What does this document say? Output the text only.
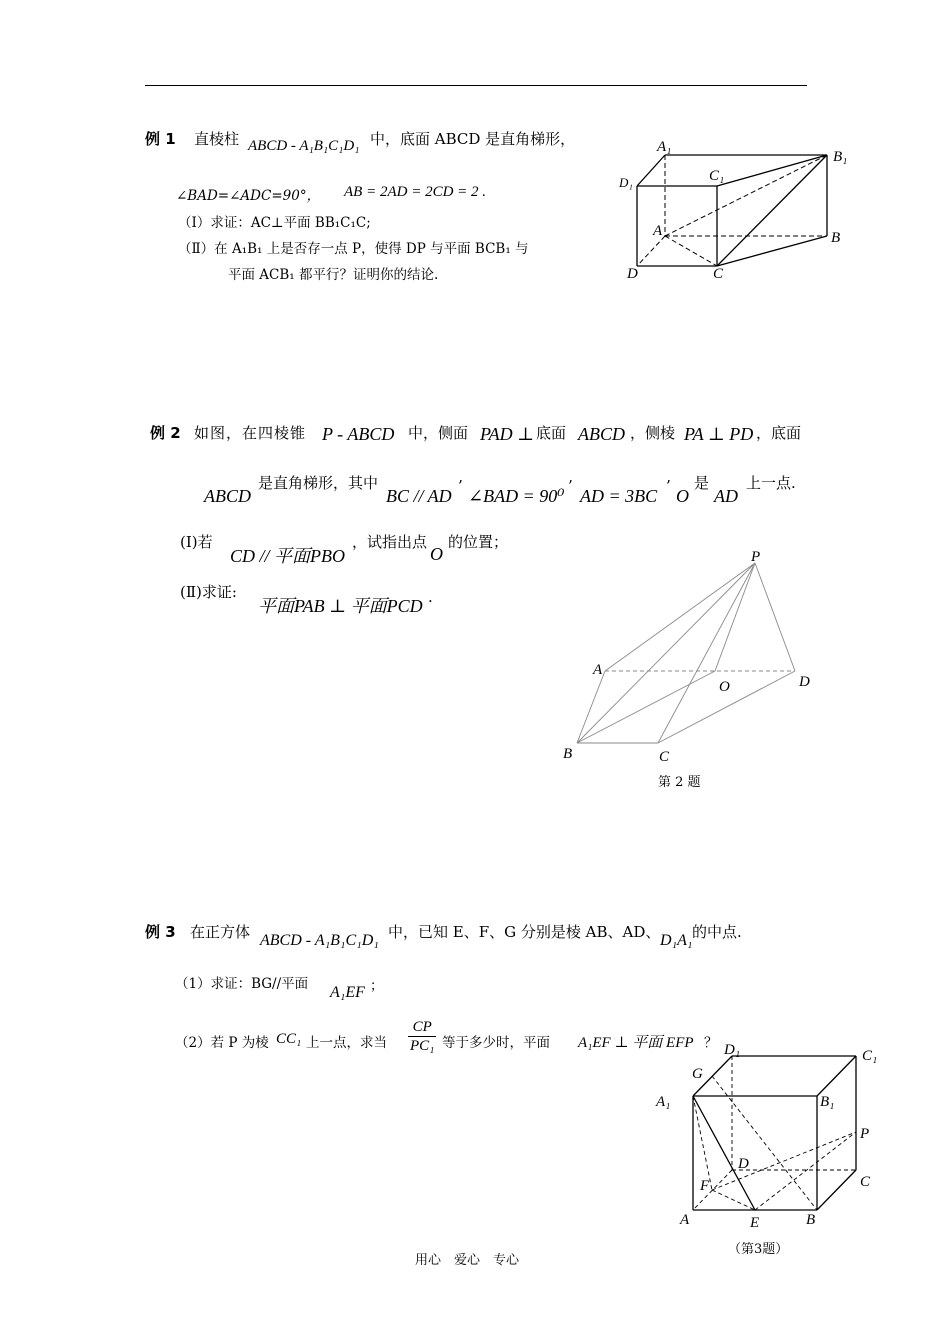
例 1 直棱柱 ABCD - A₁B₁C₁D₁ 中，底面 ABCD 是直角梯形，
∠BAD=∠ADC=90°， AB = 2AD = 2CD = 2 .
（Ⅰ）求证：AC⊥平面 BB₁C₁C;
（Ⅱ）在 A₁B₁ 上是否存一点 P，使得 DP 与平面 BCB₁ 与
平面 ACB₁ 都平行？证明你的结论.
A₁
B₁
C₁
D₁
A	B
C
D
例 2 如图，在四棱锥 P - ABCD 中，侧面 PAD ⊥ 底面 ABCD ，侧棱 PA ⊥ PD ，底面
ABCD
是直角梯形，其中
BC // AD ’ ∠BAD = 90⁰ ’ AD = 3BC ’ O
是
AD
上一点.
(Ⅰ)若
CD // 平面PBO
，试指出点
O
的位置；
(Ⅱ)求证:
平面PAB ⊥ 平面PCD .
P
A
B	C
D
O
第 2 题
例 3 在正方体 ABCD - A₁B₁C₁D₁ 中，已知 E、F、G 分别是棱 AB、AD、 D₁A₁ 的中点.
（1）求证：BG//平面 A₁EF ；
（2）若 P 为棱 CC₁ 上一点，求当 $\frac{CP}{\text{PC₁}}$ 等于多少时，平面 A₁EF ⊥ 平面 EFP ？ D₁	C₁
G
A₁	B₁
P
D
F	C
A	E	B
（第3题）
用心　爱心　专心
